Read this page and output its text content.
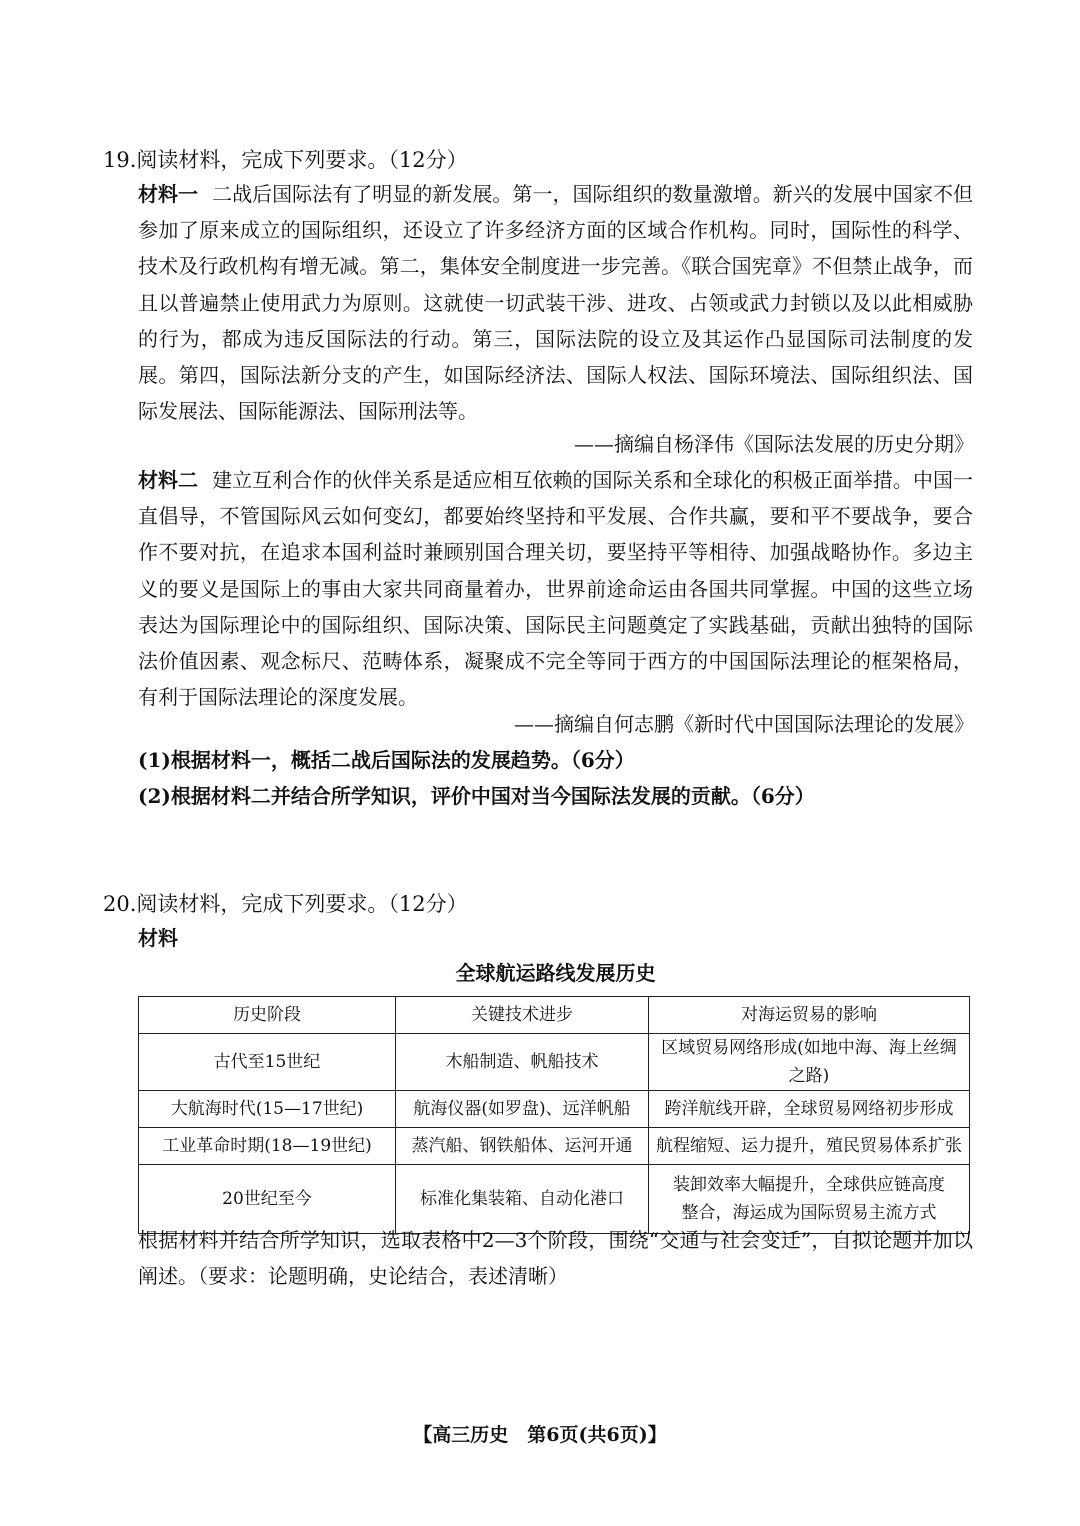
19.阅读材料，完成下列要求。（12分）
材料一 二战后国际法有了明显的新发展。第一，国际组织的数量激增。新兴的发展中国家不但参加了原来成立的国际组织，还设立了许多经济方面的区域合作机构。同时，国际性的科学、技术及行政机构有增无减。第二，集体安全制度进一步完善。《联合国宪章》不但禁止战争，而且以普遍禁止使用武力为原则。这就使一切武装干涉、进攻、占领或武力封锁以及以此相威胁的行为，都成为违反国际法的行动。第三，国际法院的设立及其运作凸显国际司法制度的发展。第四，国际法新分支的产生，如国际经济法、国际人权法、国际环境法、国际组织法、国际发展法、国际能源法、国际刑法等。
——摘编自杨泽伟《国际法发展的历史分期》
材料二 建立互利合作的伙伴关系是适应相互依赖的国际关系和全球化的积极正面举措。中国一直倡导，不管国际风云如何变幻，都要始终坚持和平发展、合作共赢，要和平不要战争，要合作不要对抗，在追求本国利益时兼顾别国合理关切，要坚持平等相待、加强战略协作。多边主义的要义是国际上的事由大家共同商量着办，世界前途命运由各国共同掌握。中国的这些立场表达为国际理论中的国际组织、国际决策、国际民主问题奠定了实践基础，贡献出独特的国际法价值因素、观念标尺、范畴体系，凝聚成不完全等同于西方的中国国际法理论的框架格局，有利于国际法理论的深度发展。
——摘编自何志鹏《新时代中国国际法理论的发展》
(1)根据材料一，概括二战后国际法的发展趋势。（6分）
(2)根据材料二并结合所学知识，评价中国对当今国际法发展的贡献。（6分）
20.阅读材料，完成下列要求。（12分）
材料
全球航运路线发展历史
历史阶段	关键技术进步	对海运贸易的影响
古代至15世纪	木船制造、帆船技术	区域贸易网络形成(如地中海、海上丝绸之路)
大航海时代(15—17世纪)	航海仪器(如罗盘)、远洋帆船	跨洋航线开辟，全球贸易网络初步形成
工业革命时期(18—19世纪)	蒸汽船、钢铁船体、运河开通	航程缩短、运力提升，殖民贸易体系扩张
20世纪至今	标准化集装箱、自动化港口	装卸效率大幅提升，全球供应链高度整合，海运成为国际贸易主流方式
根据材料并结合所学知识，选取表格中2—3个阶段，围绕“交通与社会变迁”，自拟论题并加以阐述。（要求：论题明确，史论结合，表述清晰）
【高三历史　第6页(共6页)】
